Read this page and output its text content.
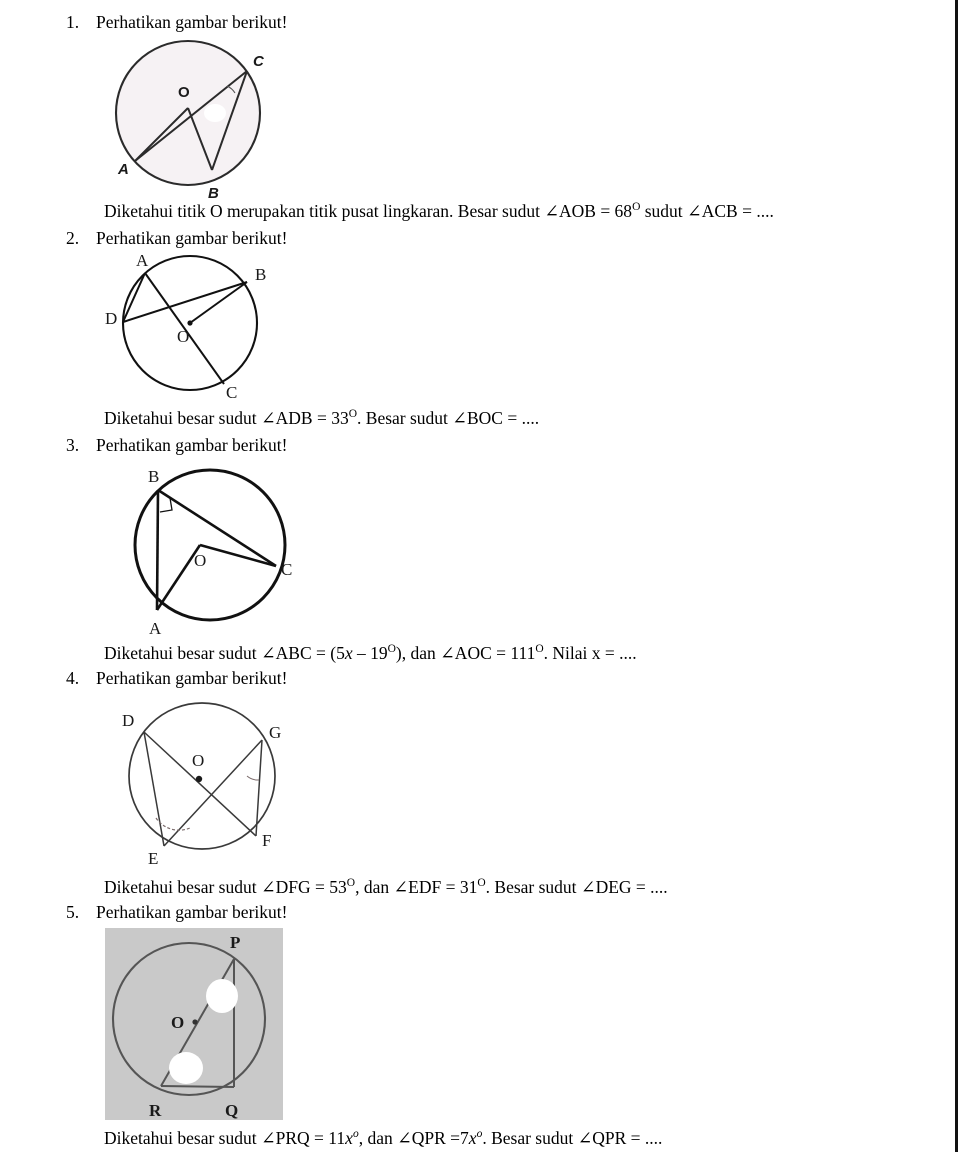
1. Perhatikan gambar berikut!
O
C
A
B
Diketahui titik O merupakan titik pusat lingkaran. Besar sudut ∠AOB = $68^O$ sudut ∠ACB = ....
2. Perhatikan gambar berikut!
A
B
D
O
C
Diketahui besar sudut ∠ADB = $33^O$. Besar sudut ∠BOC = ....
3. Perhatikan gambar berikut!
B
O	C
A
Diketahui besar sudut ∠ABC = $(5x - 19^O)$, dan ∠AOC = $111^O$. Nilai x = ....
4. Perhatikan gambar berikut!
D
O
G
E
F
Diketahui besar sudut ∠DFG = $53^O$, dan ∠EDF = $31^O$. Besar sudut ∠DEG = ....
5. Perhatikan gambar berikut!
P
O
R	Q
Diketahui besar sudut ∠PRQ = $11x^o$, dan ∠QPR $=7x^o$. Besar sudut ∠QPR = ....
